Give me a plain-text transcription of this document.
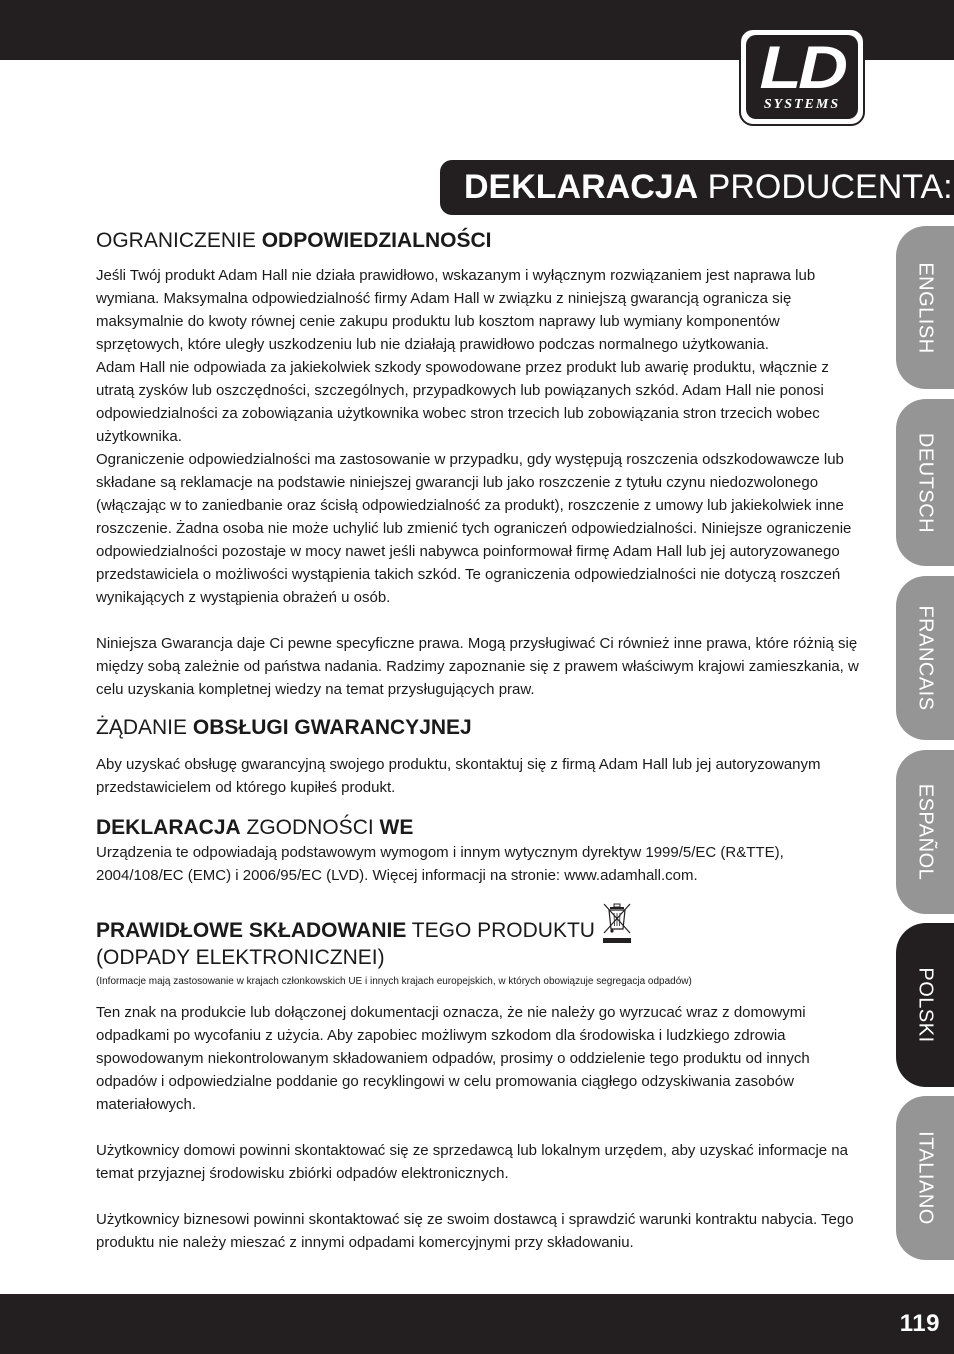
LD
SYSTEMS
DEKLARACJA PRODUCENTA:
ENGLISH
DEUTSCH
FRANCAIS
ESPAÑOL
POLSKI
ITALIANO
OGRANICZENIE ODPOWIEDZIALNOŚCI

Jeśli Twój produkt Adam Hall nie działa prawidłowo, wskazanym i wyłącznym rozwiązaniem jest naprawa lub wymiana. Maksymalna odpowiedzialność firmy Adam Hall w związku z niniejszą gwarancją ogranicza się maksymalnie do kwoty równej cenie zakupu produktu lub kosztom naprawy lub wymiany komponentów sprzętowych, które uległy uszkodzeniu lub nie działają prawidłowo podczas normalnego użytkowania.

Adam Hall nie odpowiada za jakiekolwiek szkody spowodowane przez produkt lub awarię produktu, włącznie z utratą zysków lub oszczędności, szczególnych, przypadkowych lub powiązanych szkód. Adam Hall nie ponosi odpowiedzialności za zobowiązania użytkownika wobec stron trzecich lub zobowiązania stron trzecich wobec użytkownika.

Ograniczenie odpowiedzialności ma zastosowanie w przypadku, gdy występują roszczenia odszkodowawcze lub składane są reklamacje na podstawie niniejszej gwarancji lub jako roszczenie z tytułu czynu niedozwolonego (włączając w to zaniedbanie oraz ścisłą odpowiedzialność za produkt), roszczenie z umowy lub jakiekolwiek inne roszczenie. Żadna osoba nie może uchylić lub zmienić tych ograniczeń odpowiedzialności. Niniejsze ograniczenie odpowiedzialności pozostaje w mocy nawet jeśli nabywca poinformował firmę Adam Hall lub jej autoryzowanego przedstawiciela o możliwości wystąpienia takich szkód. Te ograniczenia odpowiedzialności nie dotyczą roszczeń wynikających z wystąpienia obrażeń u osób.

Niniejsza Gwarancja daje Ci pewne specyficzne prawa. Mogą przysługiwać Ci również inne prawa, które różnią się między sobą zależnie od państwa nadania. Radzimy zapoznanie się z prawem właściwym krajowi zamieszkania, w celu uzyskania kompletnej wiedzy na temat przysługujących praw.

ŻĄDANIE OBSŁUGI GWARANCYJNEJ

Aby uzyskać obsługę gwarancyjną swojego produktu, skontaktuj się z firmą Adam Hall lub jej autoryzowanym przedstawicielem od którego kupiłeś produkt.

DEKLARACJA ZGODNOŚCI WE

Urządzenia te odpowiadają podstawowym wymogom i innym wytycznym dyrektyw 1999/5/EC (R&TTE), 2004/108/EC (EMC) i 2006/95/EC (LVD). Więcej informacji na stronie: www.adamhall.com.

PRAWIDŁOWE SKŁADOWANIE TEGO PRODUKTU
(ODPADY ELEKTRONICZNEI)

(Informacje mają zastosowanie w krajach członkowskich UE i innych krajach europejskich, w których obowiązuje segregacja odpadów)

Ten znak na produkcie lub dołączonej dokumentacji oznacza, że nie należy go wyrzucać wraz z domowymi odpadkami po wycofaniu z użycia. Aby zapobiec możliwym szkodom dla środowiska i ludzkiego zdrowia spowodowanym niekontrolowanym składowaniem odpadów, prosimy o oddzielenie tego produktu od innych odpadów i odpowiedzialne poddanie go recyklingowi w celu promowania ciągłego odzyskiwania zasobów materiałowych.

Użytkownicy domowi powinni skontaktować się ze sprzedawcą lub lokalnym urzędem, aby uzyskać informacje na temat przyjaznej środowisku zbiórki odpadów elektronicznych.

Użytkownicy biznesowi powinni skontaktować się ze swoim dostawcą i sprawdzić warunki kontraktu nabycia. Tego produktu nie należy mieszać z innymi odpadami komercyjnymi przy składowaniu.

119
